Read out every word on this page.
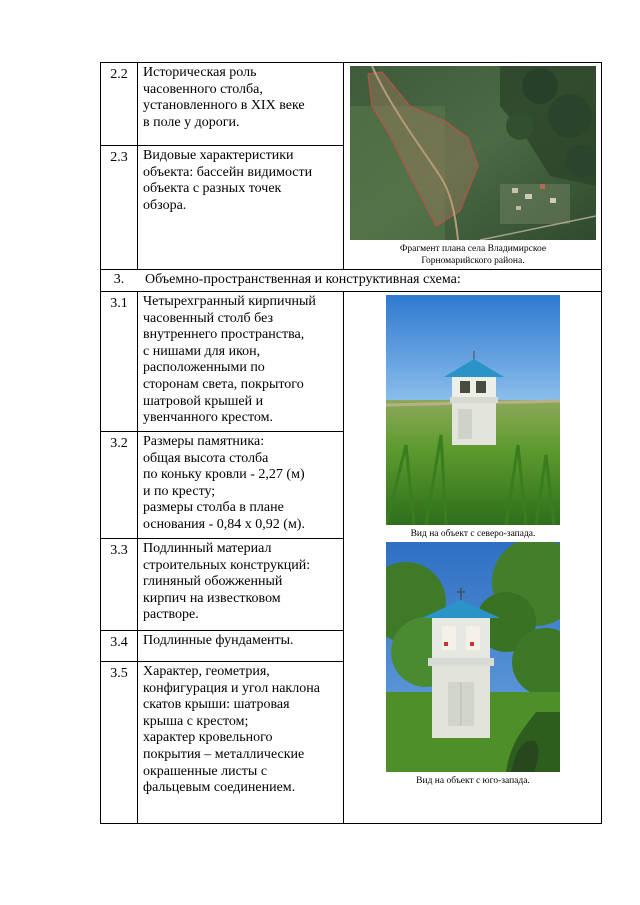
2.2	Историческая роль
часовенного столба,
установленного в XIX веке
в поле у дороги.
2.3	Видовые характеристики
объекта: бассейн видимости
объекта с разных точек
обзора.
3.	Объемно-пространственная и конструктивная схема:
3.1	Четырехгранный кирпичный
часовенный столб без
внутреннего пространства,
с нишами для икон,
расположенными по
сторонам света, покрытого
шатровой крышей и
увенчанного крестом.
3.2	Размеры памятника:
общая высота столба
по коньку кровли - 2,27 (м)
и по кресту;
размеры столба в плане
основания - 0,84 х 0,92 (м).
3.3	Подлинный материал
строительных конструкций:
глиняный обожженный
кирпич на известковом
растворе.
3.4	Подлинные фундаменты.
3.5	Характер, геометрия,
конфигурация и угол наклона
скатов крыши: шатровая
крыша с крестом;
характер кровельного
покрытия – металлические
окрашенные листы с
фальцевым соединением.
Фрагмент плана села Владимирское
Горномарийского района.
Вид на объект с северо-запада.
Вид на объект с юго-запада.
